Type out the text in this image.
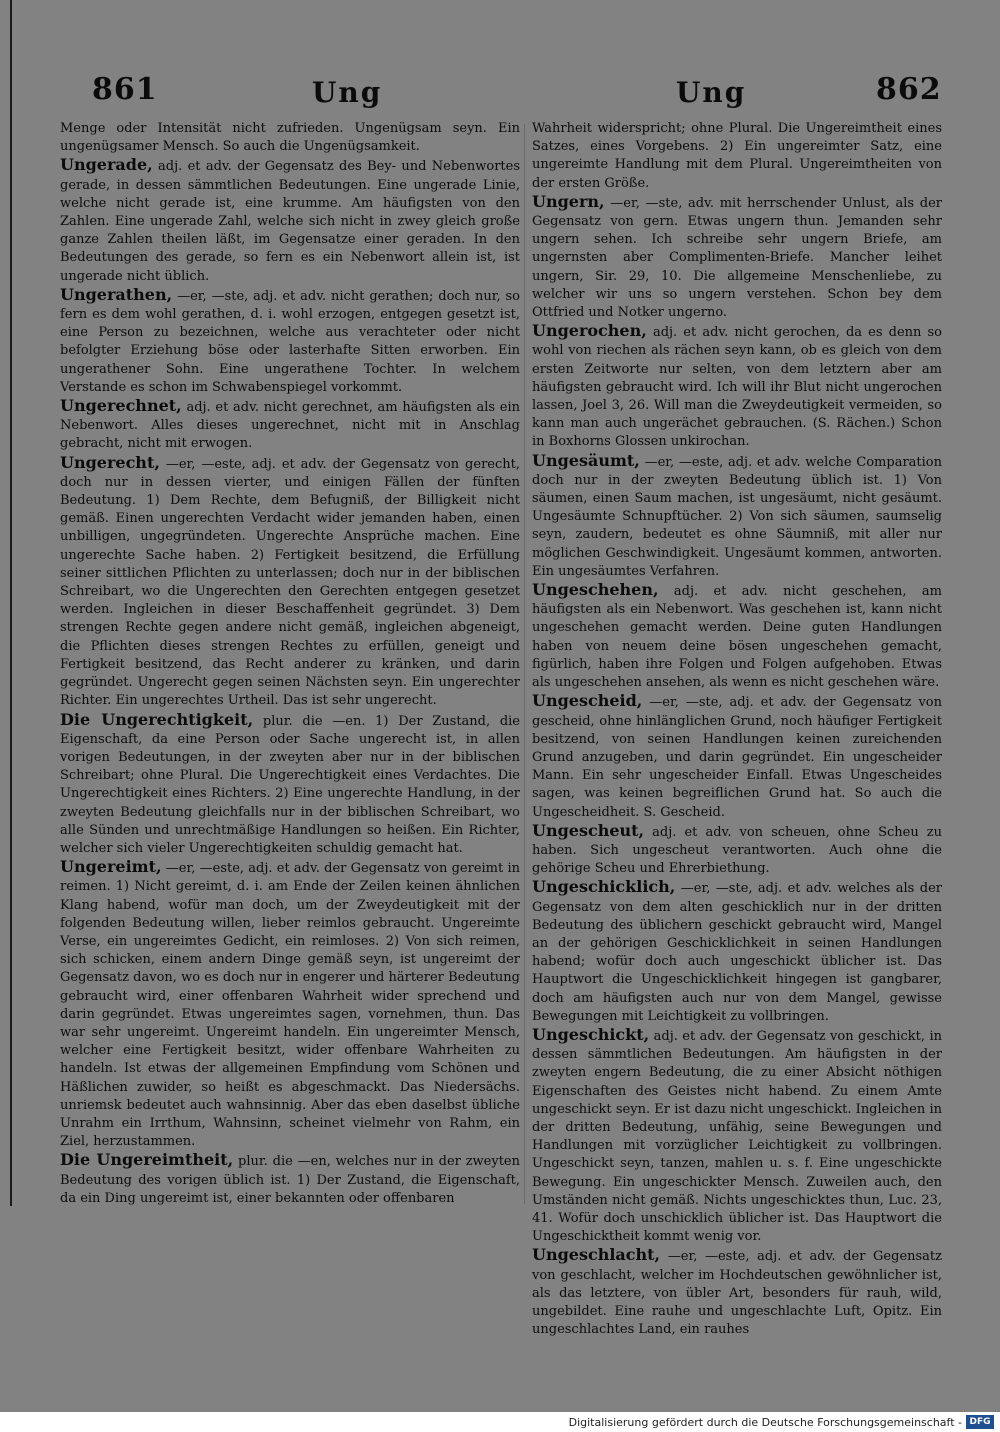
861	Ung	Ung	862

Menge oder Intensität nicht zufrieden. Ungenügsam seyn. Ein ungenügsamer Mensch. So auch die Ungenügsamkeit.

Ungerade, adj. et adv. der Gegensatz des Bey- und Nebenwortes gerade, in dessen sämmtlichen Bedeutungen. Eine ungerade Linie, welche nicht gerade ist, eine krumme. Am häufigsten von den Zahlen. Eine ungerade Zahl, welche sich nicht in zwey gleich große ganze Zahlen theilen läßt, im Gegensatze einer geraden. In den Bedeutungen des gerade, so fern es ein Nebenwort allein ist, ist ungerade nicht üblich.

Ungerathen, —er, —ste, adj. et adv. nicht gerathen; doch nur, so fern es dem wohl gerathen, d. i. wohl erzogen, entgegen gesetzt ist, eine Person zu bezeichnen, welche aus verachteter oder nicht befolgter Erziehung böse oder lasterhafte Sitten erworben. Ein ungerathener Sohn. Eine ungerathene Tochter. In welchem Verstande es schon im Schwabenspiegel vorkommt.

Ungerechnet, adj. et adv. nicht gerechnet, am häufigsten als ein Nebenwort. Alles dieses ungerechnet, nicht mit in Anschlag gebracht, nicht mit erwogen.

Ungerecht, —er, —este, adj. et adv. der Gegensatz von gerecht, doch nur in dessen vierter, und einigen Fällen der fünften Bedeutung. 1) Dem Rechte, dem Befugniß, der Billigkeit nicht gemäß. Einen ungerechten Verdacht wider jemanden haben, einen unbilligen, ungegründeten. Ungerechte Ansprüche machen. Eine ungerechte Sache haben. 2) Fertigkeit besitzend, die Erfüllung seiner sittlichen Pflichten zu unterlassen; doch nur in der biblischen Schreibart, wo die Ungerechten den Gerechten entgegen gesetzet werden. Ingleichen in dieser Beschaffenheit gegründet. 3) Dem strengen Rechte gegen andere nicht gemäß, ingleichen abgeneigt, die Pflichten dieses strengen Rechtes zu erfüllen, geneigt und Fertigkeit besitzend, das Recht anderer zu kränken, und darin gegründet. Ungerecht gegen seinen Nächsten seyn. Ein ungerechter Richter. Ein ungerechtes Urtheil. Das ist sehr ungerecht.

Die Ungerechtigkeit, plur. die —en. 1) Der Zustand, die Eigenschaft, da eine Person oder Sache ungerecht ist, in allen vorigen Bedeutungen, in der zweyten aber nur in der biblischen Schreibart; ohne Plural. Die Ungerechtigkeit eines Verdachtes. Die Ungerechtigkeit eines Richters. 2) Eine ungerechte Handlung, in der zweyten Bedeutung gleichfalls nur in der biblischen Schreibart, wo alle Sünden und unrechtmäßige Handlungen so heißen. Ein Richter, welcher sich vieler Ungerechtigkeiten schuldig gemacht hat.

Ungereimt, —er, —este, adj. et adv. der Gegensatz von gereimt in reimen. 1) Nicht gereimt, d. i. am Ende der Zeilen keinen ähnlichen Klang habend, wofür man doch, um der Zweydeutigkeit mit der folgenden Bedeutung willen, lieber reimlos gebraucht. Ungereimte Verse, ein ungereimtes Gedicht, ein reimloses. 2) Von sich reimen, sich schicken, einem andern Dinge gemäß seyn, ist ungereimt der Gegensatz davon, wo es doch nur in engerer und härterer Bedeutung gebraucht wird, einer offenbaren Wahrheit wider sprechend und darin gegründet. Etwas ungereimtes sagen, vornehmen, thun. Das war sehr ungereimt. Ungereimt handeln. Ein ungereimter Mensch, welcher eine Fertigkeit besitzt, wider offenbare Wahrheiten zu handeln. Ist etwas der allgemeinen Empfindung vom Schönen und Häßlichen zuwider, so heißt es abgeschmackt. Das Niedersächs. unriemsk bedeutet auch wahnsinnig. Aber das eben daselbst übliche Unrahm ein Irrthum, Wahnsinn, scheinet vielmehr von Rahm, ein Ziel, herzustammen.

Die Ungereimtheit, plur. die —en, welches nur in der zweyten Bedeutung des vorigen üblich ist. 1) Der Zustand, die Eigenschaft, da ein Ding ungereimt ist, einer bekannten oder offenbaren

Wahrheit widerspricht; ohne Plural. Die Ungereimtheit eines Satzes, eines Vorgebens. 2) Ein ungereimter Satz, eine ungereimte Handlung mit dem Plural. Ungereimtheiten von der ersten Größe.

Ungern, —er, —ste, adv. mit herrschender Unlust, als der Gegensatz von gern. Etwas ungern thun. Jemanden sehr ungern sehen. Ich schreibe sehr ungern Briefe, am ungernsten aber Complimenten-Briefe. Mancher leihet ungern, Sir. 29, 10. Die allgemeine Menschenliebe, zu welcher wir uns so ungern verstehen. Schon bey dem Ottfried und Notker ungerno.

Ungerochen, adj. et adv. nicht gerochen, da es denn so wohl von riechen als rächen seyn kann, ob es gleich von dem ersten Zeitworte nur selten, von dem letztern aber am häufigsten gebraucht wird. Ich will ihr Blut nicht ungerochen lassen, Joel 3, 26. Will man die Zweydeutigkeit vermeiden, so kann man auch ungerächet gebrauchen. (S. Rächen.) Schon in Boxhorns Glossen unkirochan.

Ungesäumt, —er, —este, adj. et adv. welche Comparation doch nur in der zweyten Bedeutung üblich ist. 1) Von säumen, einen Saum machen, ist ungesäumt, nicht gesäumt. Ungesäumte Schnupftücher. 2) Von sich säumen, saumselig seyn, zaudern, bedeutet es ohne Säumniß, mit aller nur möglichen Geschwindigkeit. Ungesäumt kommen, antworten. Ein ungesäumtes Verfahren.

Ungeschehen, adj. et adv. nicht geschehen, am häufigsten als ein Nebenwort. Was geschehen ist, kann nicht ungeschehen gemacht werden. Deine guten Handlungen haben von neuem deine bösen ungeschehen gemacht, figürlich, haben ihre Folgen und Folgen aufgehoben. Etwas als ungeschehen ansehen, als wenn es nicht geschehen wäre.

Ungescheid, —er, —ste, adj. et adv. der Gegensatz von gescheid, ohne hinlänglichen Grund, noch häufiger Fertigkeit besitzend, von seinen Handlungen keinen zureichenden Grund anzugeben, und darin gegründet. Ein ungescheider Mann. Ein sehr ungescheider Einfall. Etwas Ungescheides sagen, was keinen begreiflichen Grund hat. So auch die Ungescheidheit. S. Gescheid.

Ungescheut, adj. et adv. von scheuen, ohne Scheu zu haben. Sich ungescheut verantworten. Auch ohne die gehörige Scheu und Ehrerbiethung.

Ungeschicklich, —er, —ste, adj. et adv. welches als der Gegensatz von dem alten geschicklich nur in der dritten Bedeutung des üblichern geschickt gebraucht wird, Mangel an der gehörigen Geschicklichkeit in seinen Handlungen habend; wofür doch auch ungeschickt üblicher ist. Das Hauptwort die Ungeschicklichkeit hingegen ist gangbarer, doch am häufigsten auch nur von dem Mangel, gewisse Bewegungen mit Leichtigkeit zu vollbringen.

Ungeschickt, adj. et adv. der Gegensatz von geschickt, in dessen sämmtlichen Bedeutungen. Am häufigsten in der zweyten engern Bedeutung, die zu einer Absicht nöthigen Eigenschaften des Geistes nicht habend. Zu einem Amte ungeschickt seyn. Er ist dazu nicht ungeschickt. Ingleichen in der dritten Bedeutung, unfähig, seine Bewegungen und Handlungen mit vorzüglicher Leichtigkeit zu vollbringen. Ungeschickt seyn, tanzen, mahlen u. s. f. Eine ungeschickte Bewegung. Ein ungeschickter Mensch. Zuweilen auch, den Umständen nicht gemäß. Nichts ungeschicktes thun, Luc. 23, 41. Wofür doch unschicklich üblicher ist. Das Hauptwort die Ungeschicktheit kommt wenig vor.

Ungeschlacht, —er, —este, adj. et adv. der Gegensatz von geschlacht, welcher im Hochdeutschen gewöhnlicher ist, als das letztere, von übler Art, besonders für rauh, wild, ungebildet. Eine rauhe und ungeschlachte Luft, Opitz. Ein ungeschlachtes Land, ein rauhes

Digitalisierung gefördert durch die Deutsche Forschungsgemeinschaft - DFG
